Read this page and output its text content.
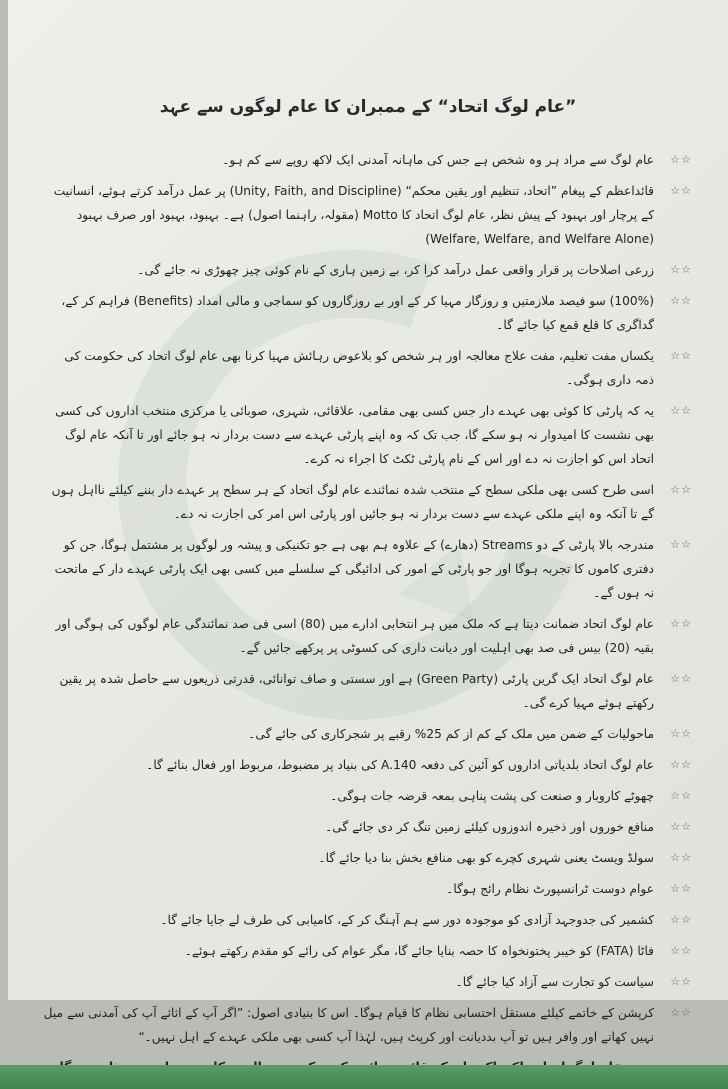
”عام لوگ اتحاد“ کے ممبران کا عام لوگوں سے عہد
☆☆
عام لوگ سے مراد ہر وہ شخص ہے جس کی ماہانہ آمدنی ایک لاکھ روپے سے کم ہو۔
☆☆
قائداعظم کے پیغام ”اتحاد، تنظیم اور یقین محکم“ (Unity, Faith, and Discipline) پر عمل درآمد کرتے ہوئے، انسانیت کے پرچار اور بہبود کے پیش نظر، عام لوگ اتحاد کا Motto (مقولہ، راہنما اصول) ہے۔ بہبود، بہبود اور صرف بہبود (Welfare, Welfare, and Welfare Alone)
☆☆
زرعی اصلاحات پر قرار واقعی عمل درآمد کرا کر، بے زمین ہاری کے نام کوئی چیز چھوڑی نہ جائے گی۔
☆☆
(100%) سو فیصد ملازمتیں و روزگار مہیا کر کے اور بے روزگاروں کو سماجی و مالی امداد (Benefits) فراہم کر کے، گداگری کا قلع قمع کیا جائے گا۔
☆☆
یکساں مفت تعلیم، مفت علاج معالجہ اور ہر شخص کو بلاعوض رہائش مہیا کرنا بھی عام لوگ اتحاد کی حکومت کی ذمہ داری ہوگی۔
☆☆
یہ کہ پارٹی کا کوئی بھی عہدے دار جس کسی بھی مقامی، علاقائی، شہری، صوبائی یا مرکزی منتخب اداروں کی کسی بھی نشست کا امیدوار نہ ہو سکے گا، جب تک کہ وہ اپنے پارٹی عہدے سے دست بردار نہ ہو جائے اور تا آنکہ عام لوگ اتحاد اس کو اجازت نہ دے اور اس کے نام پارٹی ٹکٹ کا اجراء نہ کرے۔
☆☆
اسی طرح کسی بھی ملکی سطح کے منتخب شدہ نمائندے عام لوگ اتحاد کے ہر سطح پر عہدے دار بننے کیلئے نااہل ہوں گے تا آنکہ وہ اپنے ملکی عہدے سے دست بردار نہ ہو جائیں اور پارٹی اس امر کی اجازت نہ دے۔
☆☆
مندرجہ بالا پارٹی کے دو Streams (دھارے) کے علاوہ ہم بھی ہے جو تکنیکی و پیشہ ور لوگوں پر مشتمل ہوگا، جن کو دفتری کاموں کا تجربہ ہوگا اور جو پارٹی کے امور کی ادائیگی کے سلسلے میں کسی بھی ایک پارٹی عہدے دار کے ماتحت نہ ہوں گے۔
☆☆
عام لوگ اتحاد ضمانت دیتا ہے کہ ملک میں ہر انتخابی ادارے میں (80) اسی فی صد نمائندگی عام لوگوں کی ہوگی اور بقیہ (20) بیس فی صد بھی اہلیت اور دیانت داری کی کسوٹی پر پرکھے جائیں گے۔
☆☆
عام لوگ اتحاد ایک گرین پارٹی (Green Party) ہے اور سستی و صاف توانائی، قدرتی ذریعوں سے حاصل شدہ پر یقین رکھتے ہوئے مہیا کرے گی۔
☆☆
ماحولیات کے ضمن میں ملک کے کم از کم 25% رقبے پر شجرکاری کی جائے گی۔
☆☆
عام لوگ اتحاد بلدیاتی اداروں کو آئین کی دفعہ 140.A کی بنیاد پر مضبوط، مربوط اور فعال بنائے گا۔
☆☆
چھوٹے کاروبار و صنعت کی پشت پناہی بمعہ قرضہ جات ہوگی۔
☆☆
منافع خوروں اور ذخیرہ اندوزوں کیلئے زمین تنگ کر دی جائے گی۔
☆☆
سولڈ ویسٹ یعنی شہری کچرے کو بھی منافع بخش بنا دیا جائے گا۔
☆☆
عوام دوست ٹرانسپورٹ نظام رائج ہوگا۔
☆☆
کشمیر کی جدوجہد آزادی کو موجودہ دور سے ہم آہنگ کر کے، کامیابی کی طرف لے جایا جائے گا۔
☆☆
فاٹا (FATA) کو خیبر پختونخواہ کا حصہ بنایا جائے گا، مگر عوام کی رائے کو مقدم رکھتے ہوئے۔
☆☆
سیاست کو تجارت سے آزاد کیا جائے گا۔
☆☆
کرپشن کے خاتمے کیلئے مستقل احتسابی نظام کا قیام ہوگا۔ اس کا بنیادی اصول: ”اگر آپ کے اثاثے آپ کی آمدنی سے میل نہیں کھاتے اور وافر ہیں تو آپ بددیانت اور کرپٹ ہیں، لہٰذا آپ کسی بھی ملکی عہدے کے اہل نہیں۔“
